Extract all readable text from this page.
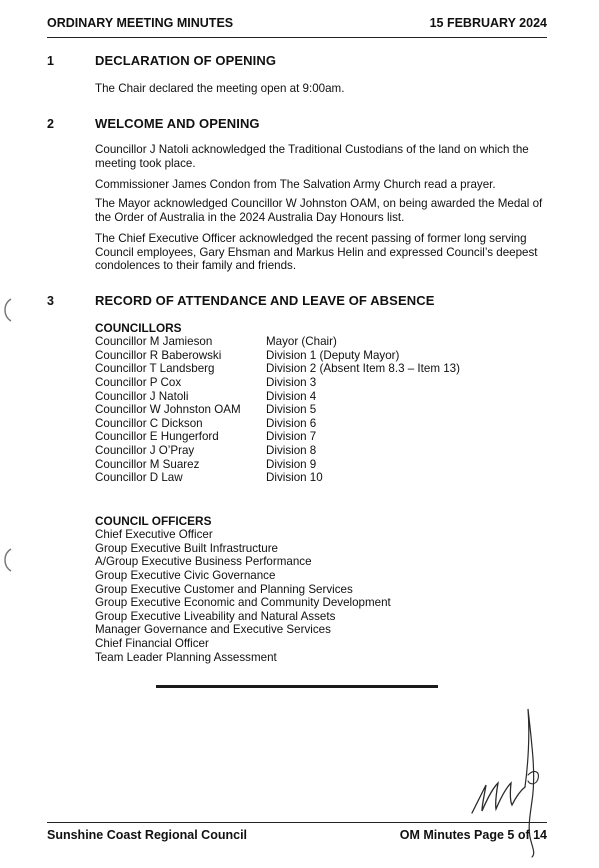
ORDINARY MEETING MINUTES	15 FEBRUARY 2024
1	DECLARATION OF OPENING
The Chair declared the meeting open at 9:00am.
2	WELCOME AND OPENING
Councillor J Natoli acknowledged the Traditional Custodians of the land on which the meeting took place.
Commissioner James Condon from The Salvation Army Church read a prayer.
The Mayor acknowledged Councillor W Johnston OAM, on being awarded the Medal of the Order of Australia in the 2024 Australia Day Honours list.
The Chief Executive Officer acknowledged the recent passing of former long serving Council employees, Gary Ehsman and Markus Helin and expressed Council’s deepest condolences to their family and friends.
3	RECORD OF ATTENDANCE AND LEAVE OF ABSENCE
COUNCILLORS
Councillor M Jamieson	Mayor (Chair)
Councillor R Baberowski	Division 1 (Deputy Mayor)
Councillor T Landsberg	Division 2 (Absent Item 8.3 – Item 13)
Councillor P Cox	Division 3
Councillor J Natoli	Division 4
Councillor W Johnston OAM Division 5
Councillor C Dickson	Division 6
Councillor E Hungerford	Division 7
Councillor J O’Pray	Division 8
Councillor M Suarez	Division 9
Councillor D Law	Division 10
COUNCIL OFFICERS
Chief Executive Officer
Group Executive Built Infrastructure
A/Group Executive Business Performance
Group Executive Civic Governance
Group Executive Customer and Planning Services
Group Executive Economic and Community Development
Group Executive Liveability and Natural Assets
Manager Governance and Executive Services
Chief Financial Officer
Team Leader Planning Assessment
Sunshine Coast Regional Council	OM Minutes Page 5 of 14
